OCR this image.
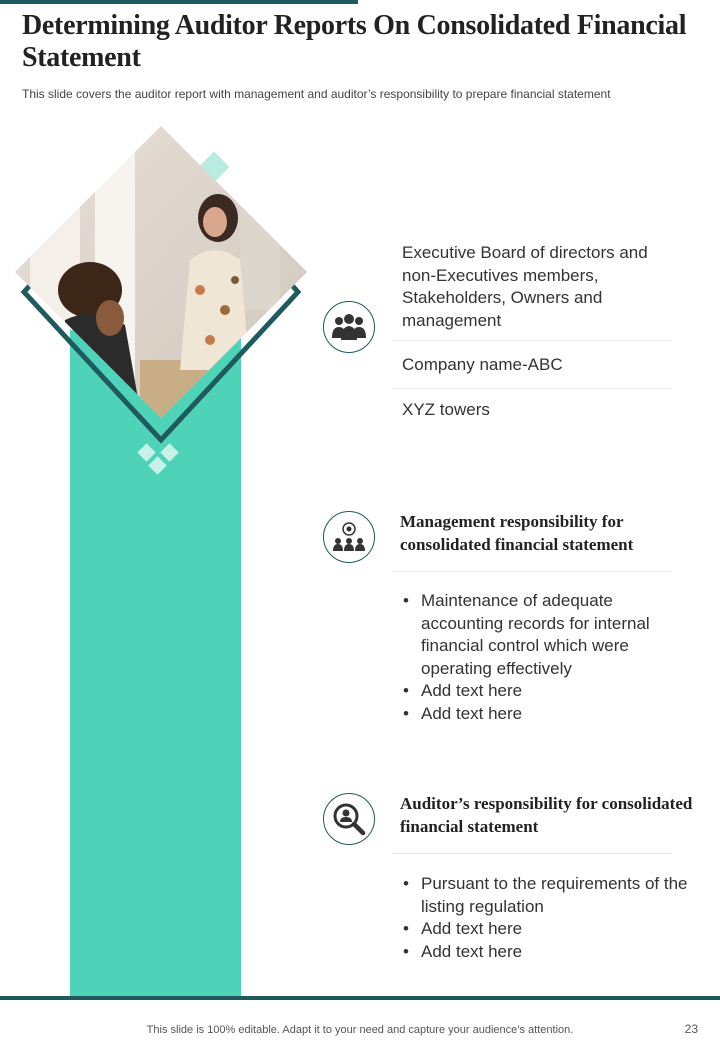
Determining Auditor Reports On Consolidated Financial Statement
This slide covers the auditor report with management and auditor’s responsibility to prepare financial statement
Executive Board of directors and non-Executives members, Stakeholders, Owners and management
Company name-ABC
XYZ towers
Management responsibility for consolidated financial statement
• Maintenance of adequate accounting records for internal financial control which were operating effectively
• Add text here
• Add text here
Auditor’s responsibility for consolidated financial statement
• Pursuant to the requirements of the listing regulation
• Add text here
• Add text here
This slide is 100% editable. Adapt it to your need and capture your audience’s attention.	23
